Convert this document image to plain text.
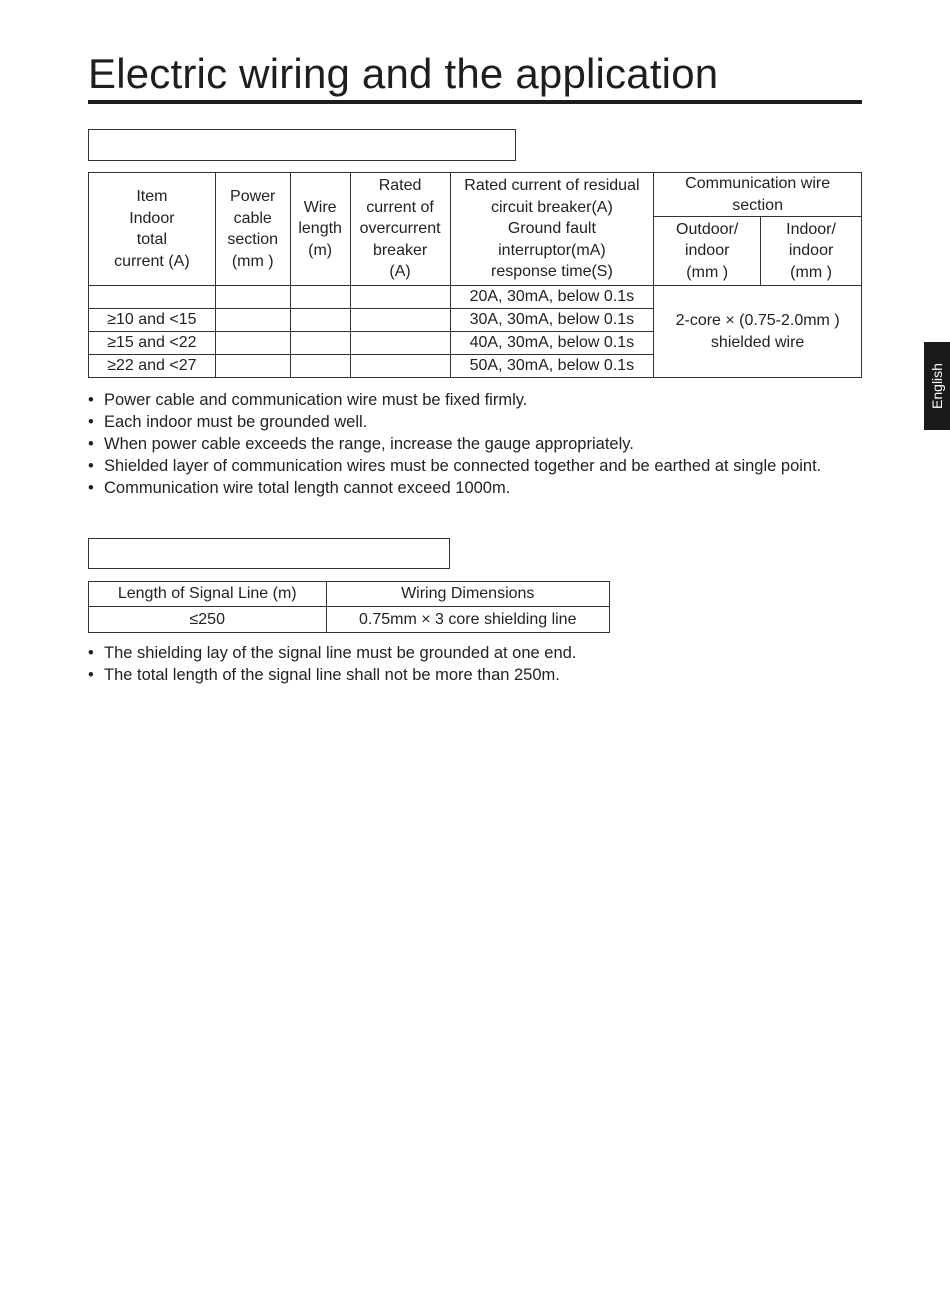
Electric wiring and the application
Item
Indoor
total
current (A)	Power
cable
section
(mm )	Wire
length
(m)	Rated
current of
overcurrent
breaker
(A)	Rated current of residual
circuit breaker(A)
Ground fault
interruptor(mA)
response time(S)	Communication wire
section	
					Outdoor/
indoor
(mm )	Indoor/
indoor
(mm )
				20A, 30mA, below 0.1s	2-core × (0.75-2.0mm )
shielded wire	
≥10 and <15				30A, 30mA, below 0.1s		
≥15 and <22				40A, 30mA, below 0.1s		
≥22 and <27				50A, 30mA, below 0.1s		
• Power cable and communication wire must be fixed firmly.
• Each indoor must be grounded well.
• When power cable exceeds the range, increase the gauge appropriately.
• Shielded layer of communication wires must be connected together and be earthed at single point.
• Communication wire total length cannot exceed 1000m.
Length of Signal Line (m)	Wiring Dimensions
≤250	0.75mm × 3 core shielding line
• The shielding lay of the signal line must be grounded at one end.
• The total length of the signal line shall not be more than 250m.
English
